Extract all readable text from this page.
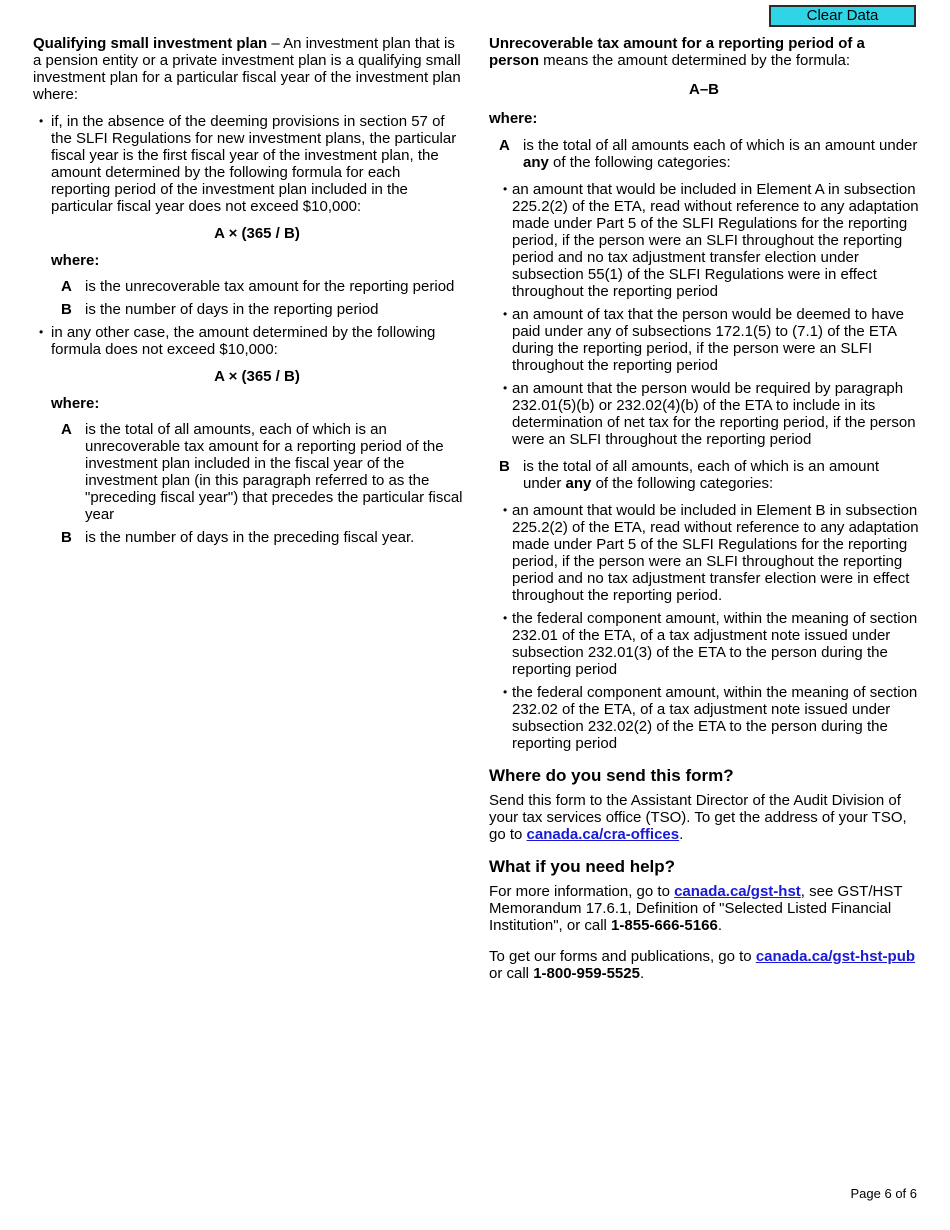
Clear Data

Qualifying small investment plan – An investment plan that is a pension entity or a private investment plan is a qualifying small investment plan for a particular fiscal year of the investment plan where:

• if, in the absence of the deeming provisions in section 57 of the SLFI Regulations for new investment plans, the particular fiscal year is the first fiscal year of the investment plan, the amount determined by the following formula for each reporting period of the investment plan included in the particular fiscal year does not exceed $10,000:
A × (365 / B)
where:
A is the unrecoverable tax amount for the reporting period
B is the number of days in the reporting period
• in any other case, the amount determined by the following formula does not exceed $10,000:
A × (365 / B)
where:
A is the total of all amounts, each of which is an unrecoverable tax amount for a reporting period of the investment plan included in the fiscal year of the investment plan (in this paragraph referred to as the "preceding fiscal year") that precedes the particular fiscal year
B is the number of days in the preceding fiscal year.

Unrecoverable tax amount for a reporting period of a person means the amount determined by the formula:

A–B
where:
A is the total of all amounts each of which is an amount under any of the following categories:
• an amount that would be included in Element A in subsection 225.2(2) of the ETA, read without reference to any adaptation made under Part 5 of the SLFI Regulations for the reporting period, if the person were an SLFI throughout the reporting period and no tax adjustment transfer election under subsection 55(1) of the SLFI Regulations were in effect throughout the reporting period
• an amount of tax that the person would be deemed to have paid under any of subsections 172.1(5) to (7.1) of the ETA during the reporting period, if the person were an SLFI throughout the reporting period
• an amount that the person would be required by paragraph 232.01(5)(b) or 232.02(4)(b) of the ETA to include in its determination of net tax for the reporting period, if the person were an SLFI throughout the reporting period
B is the total of all amounts, each of which is an amount under any of the following categories:
• an amount that would be included in Element B in subsection 225.2(2) of the ETA, read without reference to any adaptation made under Part 5 of the SLFI Regulations for the reporting period, if the person were an SLFI throughout the reporting period and no tax adjustment transfer election were in effect throughout the reporting period.
• the federal component amount, within the meaning of section 232.01 of the ETA, of a tax adjustment note issued under subsection 232.01(3) of the ETA to the person during the reporting period
• the federal component amount, within the meaning of section 232.02 of the ETA, of a tax adjustment note issued under subsection 232.02(2) of the ETA to the person during the reporting period
Where do you send this form?

Send this form to the Assistant Director of the Audit Division of your tax services office (TSO). To get the address of your TSO, go to canada.ca/cra-offices.

What if you need help?

For more information, go to canada.ca/gst-hst, see GST/HST Memorandum 17.6.1, Definition of "Selected Listed Financial Institution", or call 1-855-666-5166.

To get our forms and publications, go to canada.ca/gst-hst-pub or call 1-800-959-5525.

Page 6 of 6
